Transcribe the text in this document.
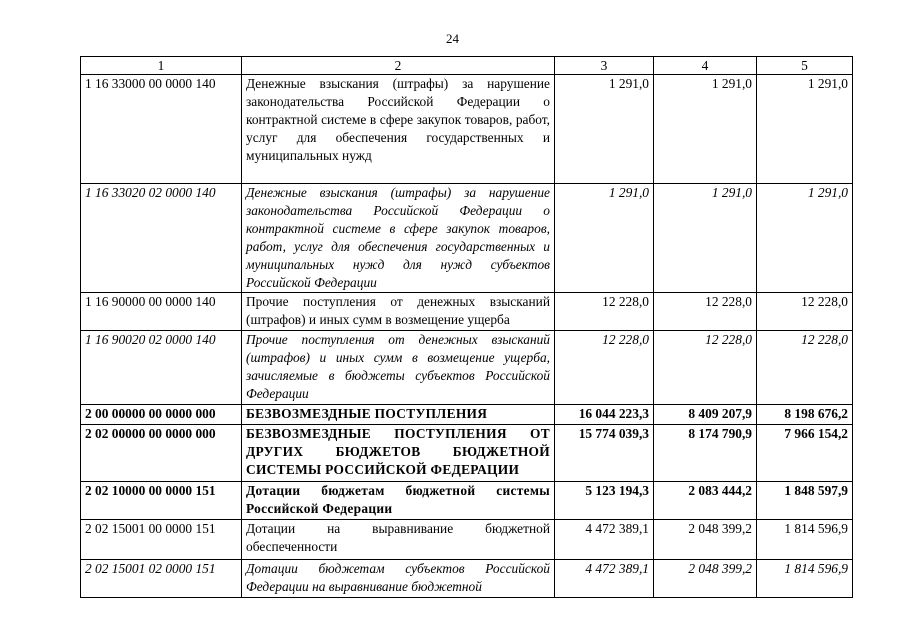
24
1	2	3	4	5
1 16 33000 00 0000 140	Денежные взыскания (штрафы) за нарушение законодательства Российской Федерации о контрактной системе в сфере закупок товаров, работ, услуг для обеспечения государственных и муниципальных нужд	1 291,0	1 291,0	1 291,0
1 16 33020 02 0000 140	Денежные взыскания (штрафы) за нарушение законодательства Российской Федерации о контрактной системе в сфере закупок товаров, работ, услуг для обеспечения государственных и муниципальных нужд для нужд субъектов Российской Федерации	1 291,0	1 291,0	1 291,0
1 16 90000 00 0000 140	Прочие поступления от денежных взысканий (штрафов) и иных сумм в возмещение ущерба	12 228,0	12 228,0	12 228,0
1 16 90020 02 0000 140	Прочие поступления от денежных взысканий (штрафов) и иных сумм в возмещение ущерба, зачисляемые в бюджеты субъектов Российской Федерации	12 228,0	12 228,0	12 228,0
2 00 00000 00 0000 000	БЕЗВОЗМЕЗДНЫЕ ПОСТУПЛЕНИЯ	16 044 223,3	8 409 207,9	8 198 676,2
2 02 00000 00 0000 000	БЕЗВОЗМЕЗДНЫЕ ПОСТУПЛЕНИЯ ОТ ДРУГИХ БЮДЖЕТОВ БЮДЖЕТНОЙ СИСТЕМЫ РОССИЙСКОЙ ФЕДЕРАЦИИ	15 774 039,3	8 174 790,9	7 966 154,2
2 02 10000 00 0000 151	Дотации бюджетам бюджетной системы Российской Федерации	5 123 194,3	2 083 444,2	1 848 597,9
2 02 15001 00 0000 151	Дотации на выравнивание бюджетной обеспеченности	4 472 389,1	2 048 399,2	1 814 596,9
2 02 15001 02 0000 151	Дотации бюджетам субъектов Российской Федерации на выравнивание бюджетной	4 472 389,1	2 048 399,2	1 814 596,9
